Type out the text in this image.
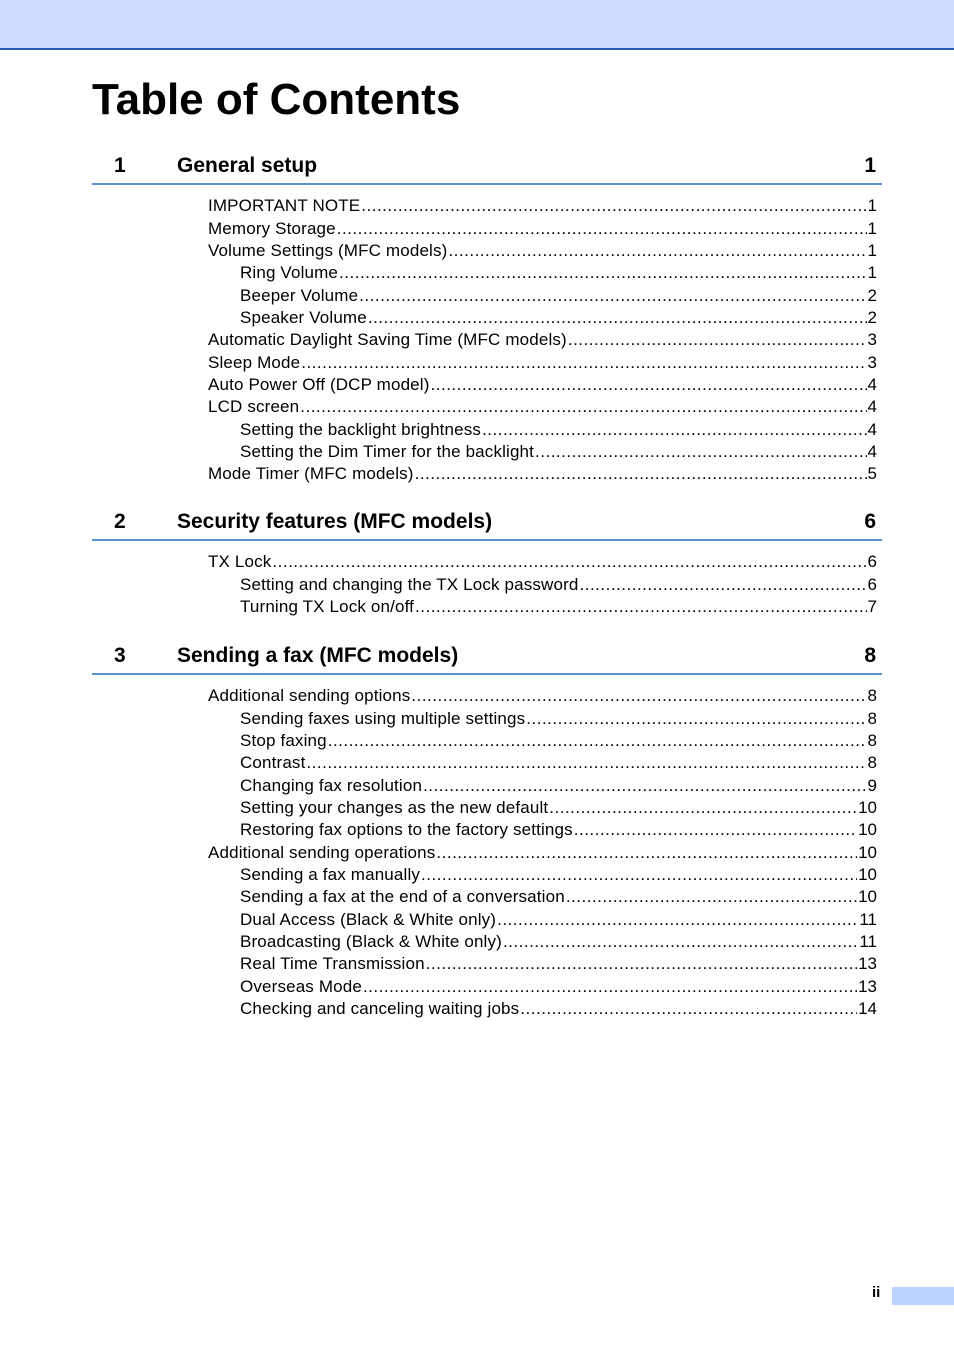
Table of Contents
1 General setup	1
IMPORTANT NOTE .....	1
Memory Storage .....	1
Volume Settings (MFC models) .....	1
Ring Volume .....	1
Beeper Volume .....	2
Speaker Volume .....	2
Automatic Daylight Saving Time (MFC models) .....	3
Sleep Mode .....	3
Auto Power Off (DCP model) .....	4
LCD screen .....	4
Setting the backlight brightness .....	4
Setting the Dim Timer for the backlight .....	4
Mode Timer (MFC models) .....	5
2 Security features (MFC models)	6
TX Lock .....	6
Setting and changing the TX Lock password .....	6
Turning TX Lock on/off .....	7
3 Sending a fax (MFC models)	8
Additional sending options .....	8
Sending faxes using multiple settings .....	8
Stop faxing .....	8
Contrast .....	8
Changing fax resolution .....	9
Setting your changes as the new default .....	10
Restoring fax options to the factory settings .....	10
Additional sending operations .....	10
Sending a fax manually .....	10
Sending a fax at the end of a conversation .....	10
Dual Access (Black & White only) .....	11
Broadcasting (Black & White only) .....	11
Real Time Transmission .....	13
Overseas Mode .....	13
Checking and canceling waiting jobs .....	14
ii
